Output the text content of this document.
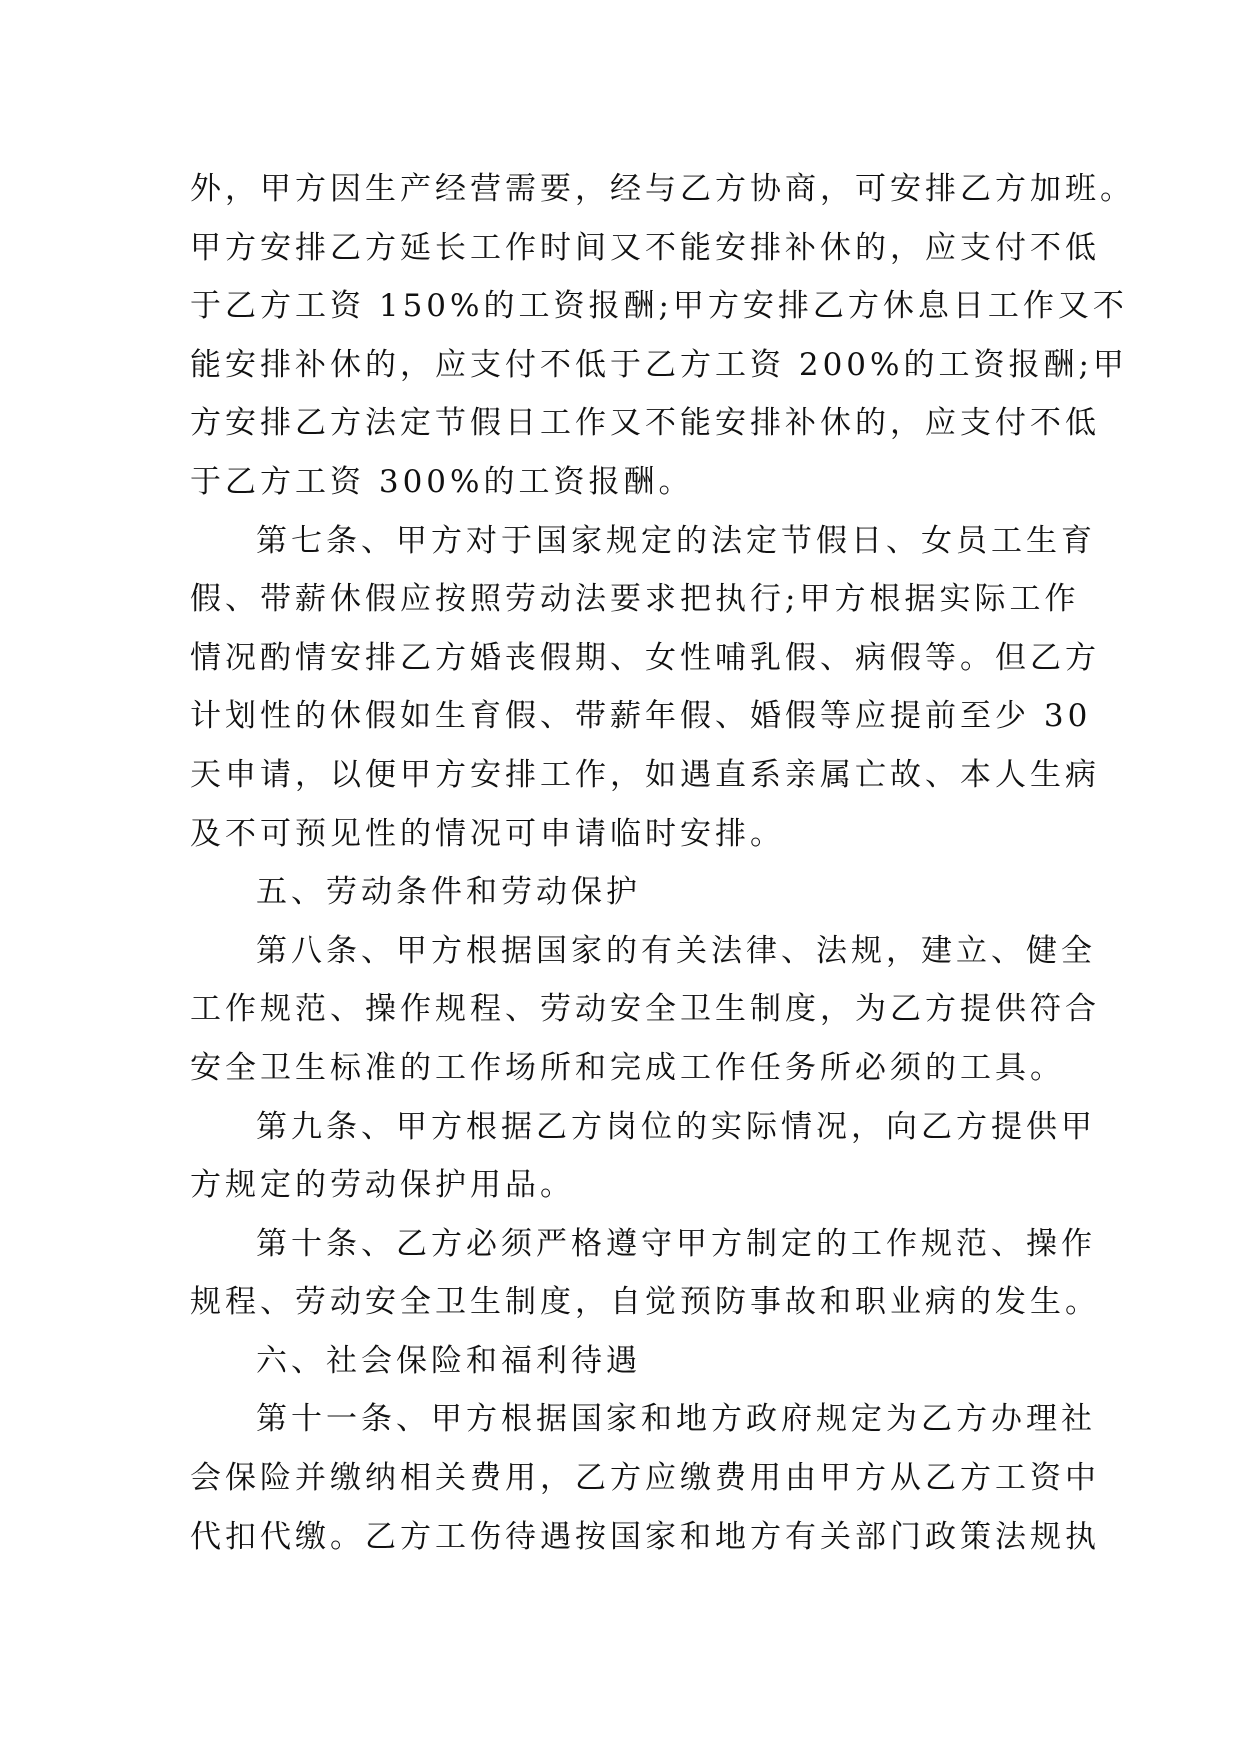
外，甲方因生产经营需要，经与乙方协商，可安排乙方加班。
甲方安排乙方延长工作时间又不能安排补休的，应支付不低
于乙方工资 150%的工资报酬;甲方安排乙方休息日工作又不
能安排补休的，应支付不低于乙方工资 200%的工资报酬;甲
方安排乙方法定节假日工作又不能安排补休的，应支付不低
于乙方工资 300%的工资报酬。
第七条、甲方对于国家规定的法定节假日、女员工生育
假、带薪休假应按照劳动法要求把执行;甲方根据实际工作
情况酌情安排乙方婚丧假期、女性哺乳假、病假等。但乙方
计划性的休假如生育假、带薪年假、婚假等应提前至少 30
天申请，以便甲方安排工作，如遇直系亲属亡故、本人生病
及不可预见性的情况可申请临时安排。
五、劳动条件和劳动保护
第八条、甲方根据国家的有关法律、法规，建立、健全
工作规范、操作规程、劳动安全卫生制度，为乙方提供符合
安全卫生标准的工作场所和完成工作任务所必须的工具。
第九条、甲方根据乙方岗位的实际情况，向乙方提供甲
方规定的劳动保护用品。
第十条、乙方必须严格遵守甲方制定的工作规范、操作
规程、劳动安全卫生制度，自觉预防事故和职业病的发生。
六、社会保险和福利待遇
第十一条、甲方根据国家和地方政府规定为乙方办理社
会保险并缴纳相关费用，乙方应缴费用由甲方从乙方工资中
代扣代缴。乙方工伤待遇按国家和地方有关部门政策法规执
